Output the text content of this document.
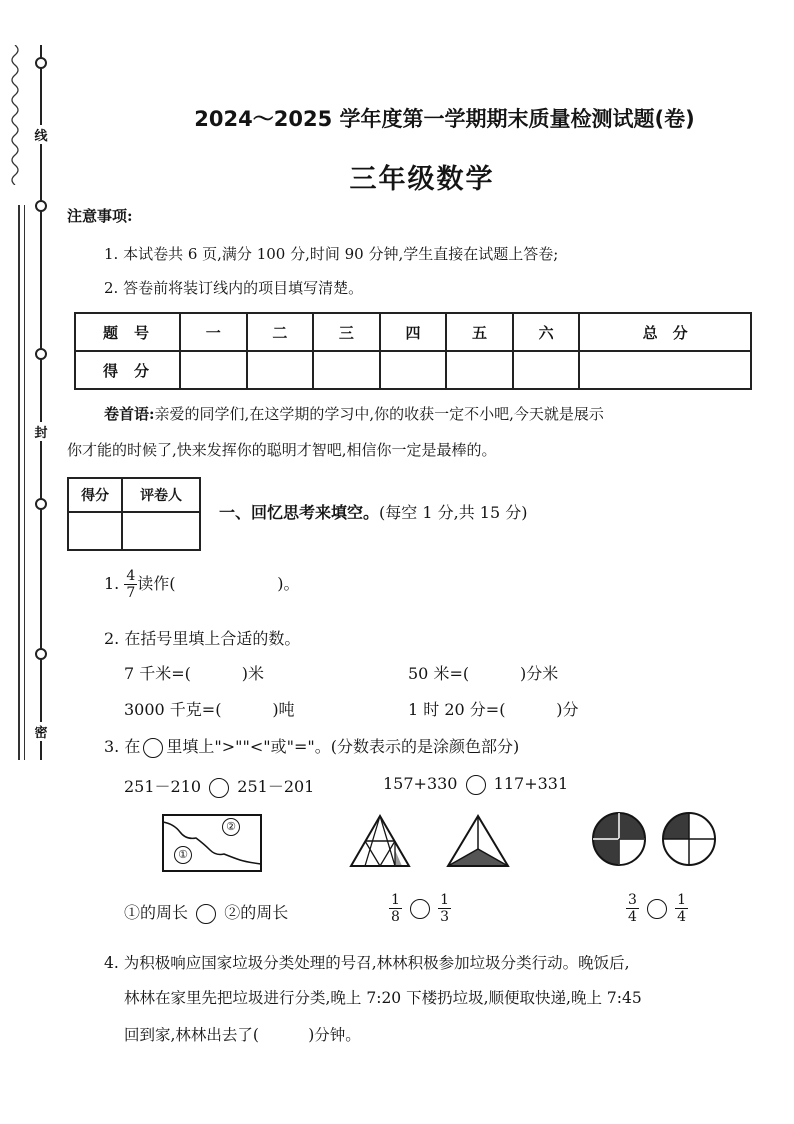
线
封
密
2024～2025 学年度第一学期期末质量检测试题(卷)
三年级数学
注意事项:
1. 本试卷共 6 页,满分 100 分,时间 90 分钟,学生直接在试题上答卷;
2. 答卷前将装订线内的项目填写清楚。
题号	一	二	三	四	五	六	总　分
得分							
卷首语:亲爱的同学们,在这学期的学习中,你的收获一定不小吧,今天就是展示
你才能的时候了,快来发挥你的聪明才智吧,相信你一定是最棒的。
得分	评卷人

一、回忆思考来填空。(每空 1 分,共 15 分)
1. $\frac{4}{7}$ 读作(                    )。
2. 在括号里填上合适的数。
7 千米=(          )米	50 米=(          )分米
3000 千克=(          )吨	1 时 20 分=(          )分
3. 在 里填上">""<"或"="。(分数表示的是涂颜色部分)
251－210 251－201	157+330 117+331
②
①
①的周长 ②的周长	$\frac{1}{8}$
	$\frac{1}{3}$	$\frac{3}{4}$
	$\frac{1}{4}$
4. 为积极响应国家垃圾分类处理的号召,林林积极参加垃圾分类行动。晚饭后,
林林在家里先把垃圾进行分类,晚上 7:20 下楼扔垃圾,顺便取快递,晚上 7:45
回到家,林林出去了(          )分钟。
